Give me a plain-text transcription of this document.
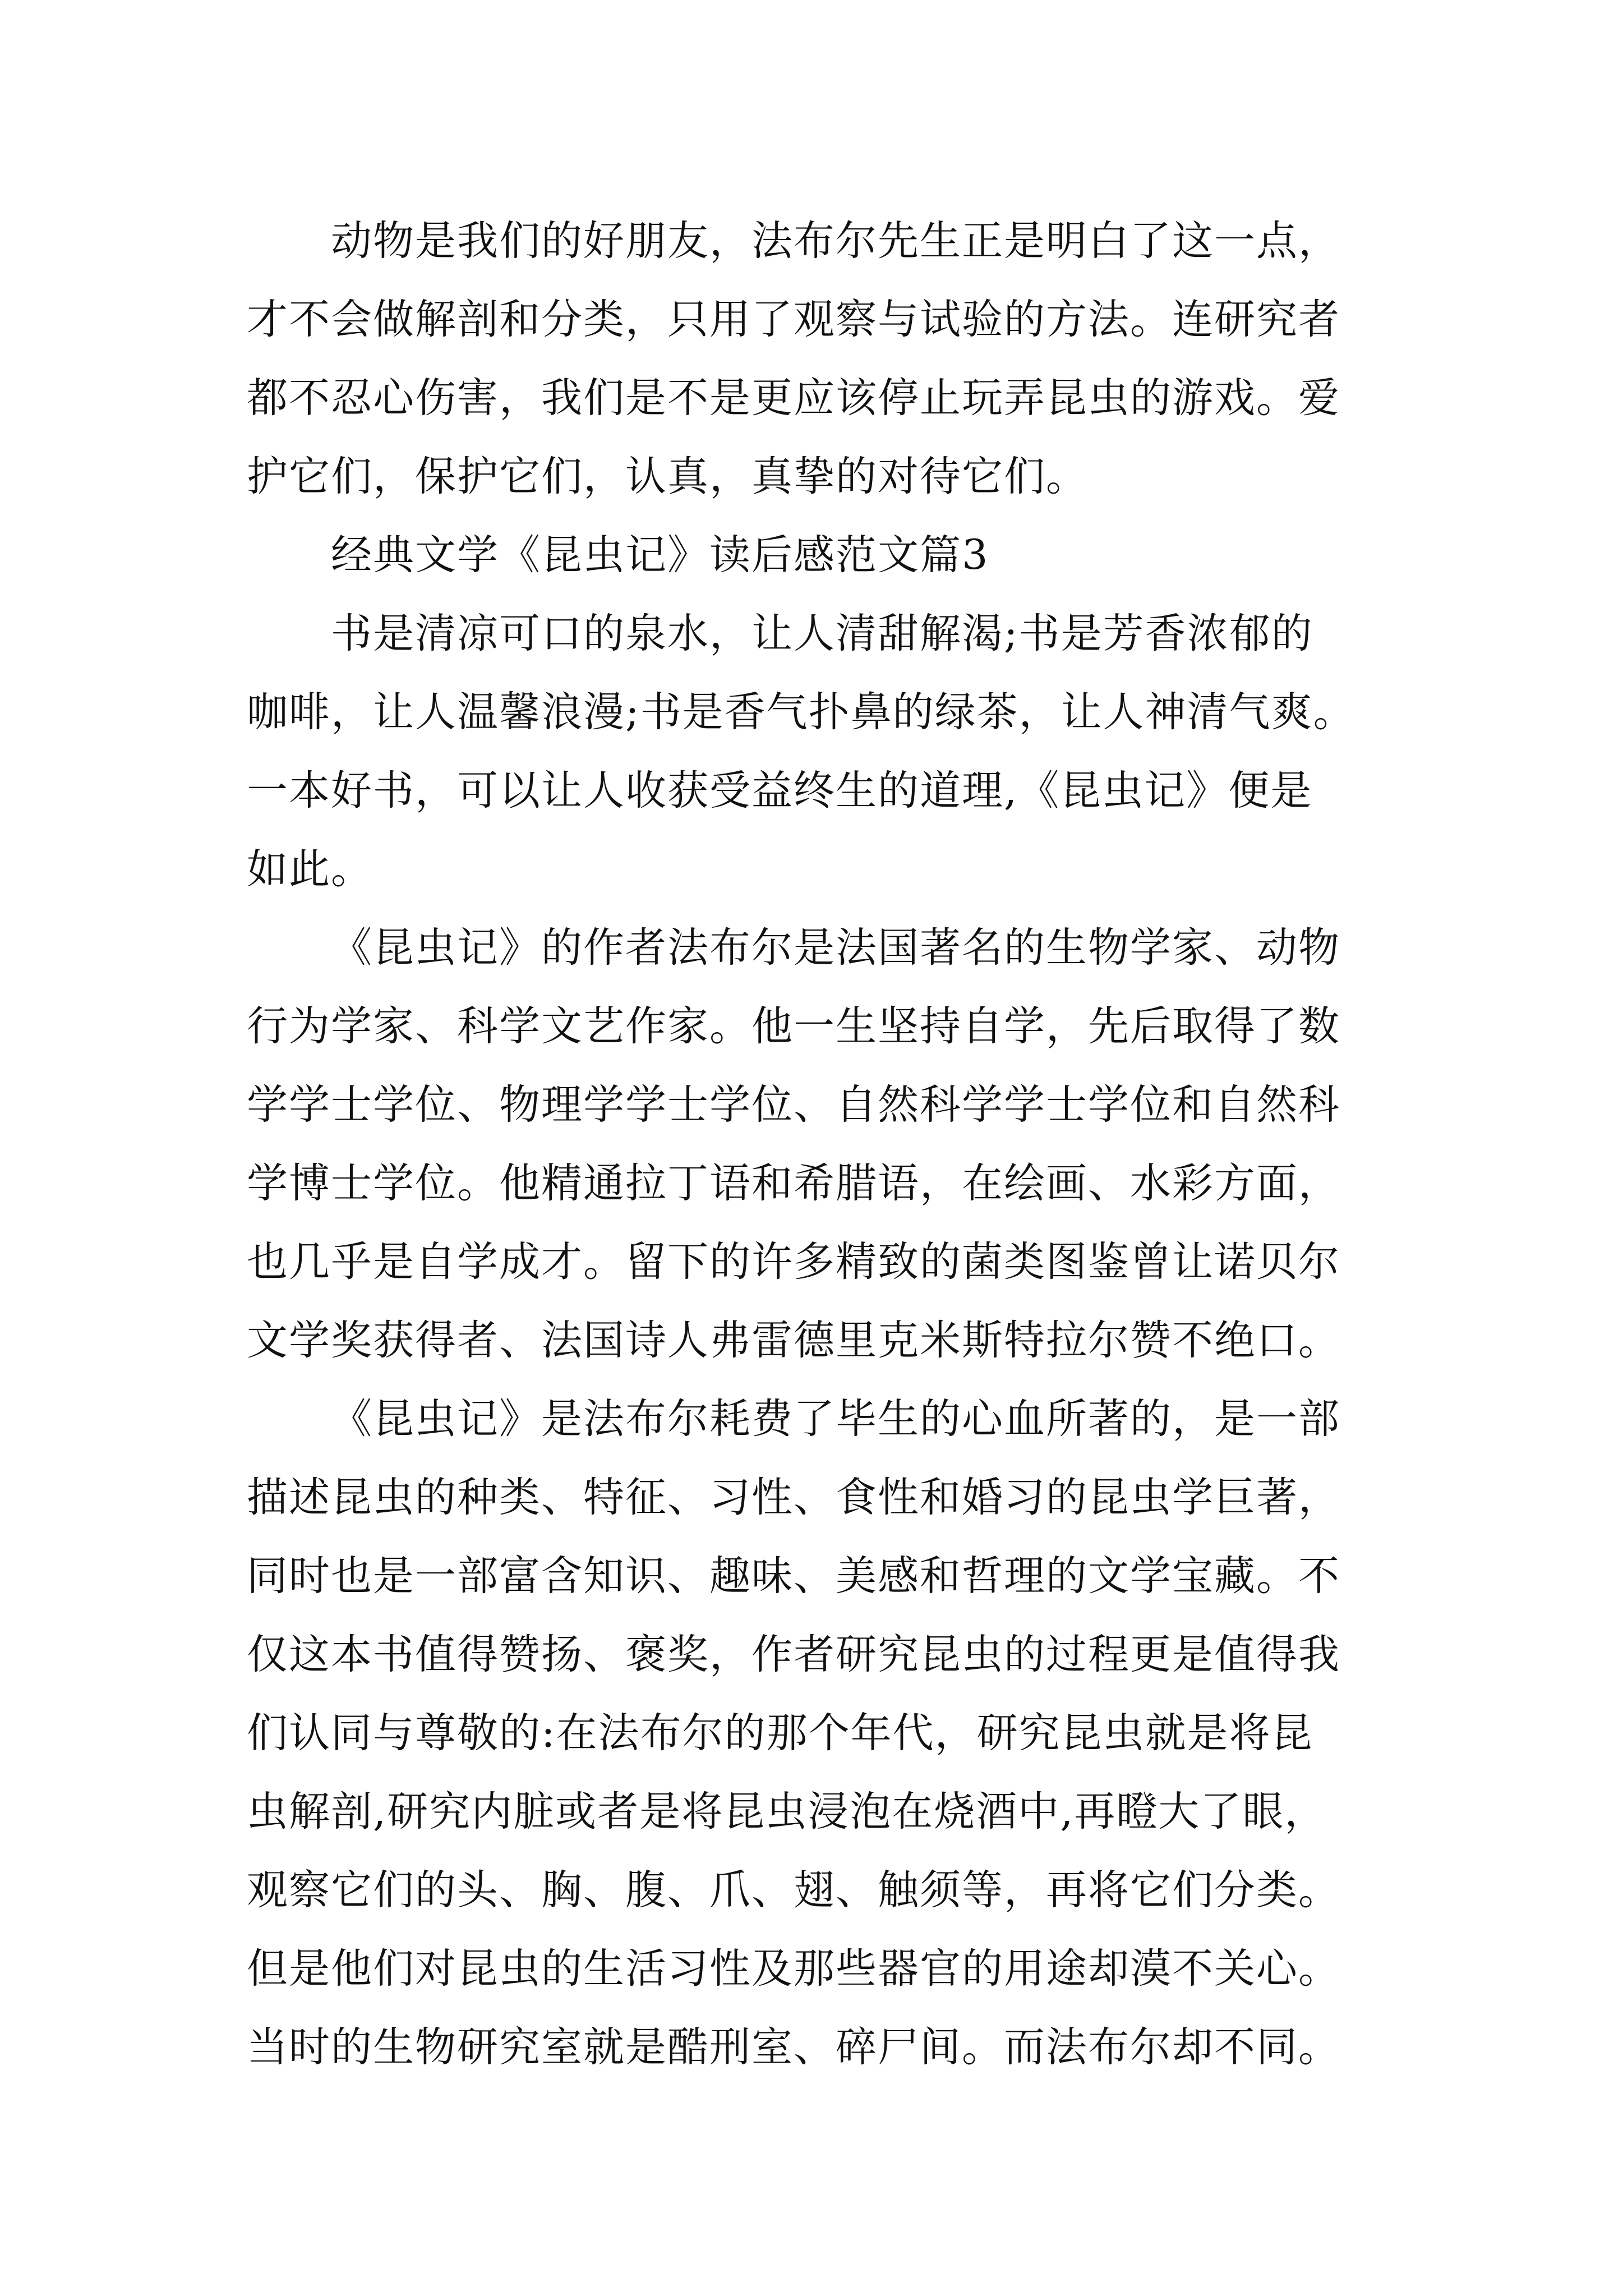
动物是我们的好朋友，法布尔先生正是明白了这一点，
才不会做解剖和分类，只用了观察与试验的方法。连研究者
都不忍心伤害，我们是不是更应该停止玩弄昆虫的游戏。爱
护它们，保护它们，认真，真挚的对待它们。
经典文学《昆虫记》读后感范文篇3
书是清凉可口的泉水，让人清甜解渴;书是芳香浓郁的
咖啡，让人温馨浪漫;书是香气扑鼻的绿茶，让人神清气爽。
一本好书，可以让人收获受益终生的道理,《昆虫记》便是
如此。
《昆虫记》的作者法布尔是法国著名的生物学家、动物
行为学家、科学文艺作家。他一生坚持自学，先后取得了数
学学士学位、物理学学士学位、自然科学学士学位和自然科
学博士学位。他精通拉丁语和希腊语，在绘画、水彩方面，
也几乎是自学成才。留下的许多精致的菌类图鉴曾让诺贝尔
文学奖获得者、法国诗人弗雷德里克米斯特拉尔赞不绝口。
《昆虫记》是法布尔耗费了毕生的心血所著的，是一部
描述昆虫的种类、特征、习性、食性和婚习的昆虫学巨著，
同时也是一部富含知识、趣味、美感和哲理的文学宝藏。不
仅这本书值得赞扬、褒奖，作者研究昆虫的过程更是值得我
们认同与尊敬的:在法布尔的那个年代，研究昆虫就是将昆
虫解剖,研究内脏或者是将昆虫浸泡在烧酒中,再瞪大了眼，
观察它们的头、胸、腹、爪、翅、触须等，再将它们分类。
但是他们对昆虫的生活习性及那些器官的用途却漠不关心。
当时的生物研究室就是酷刑室、碎尸间。而法布尔却不同。
